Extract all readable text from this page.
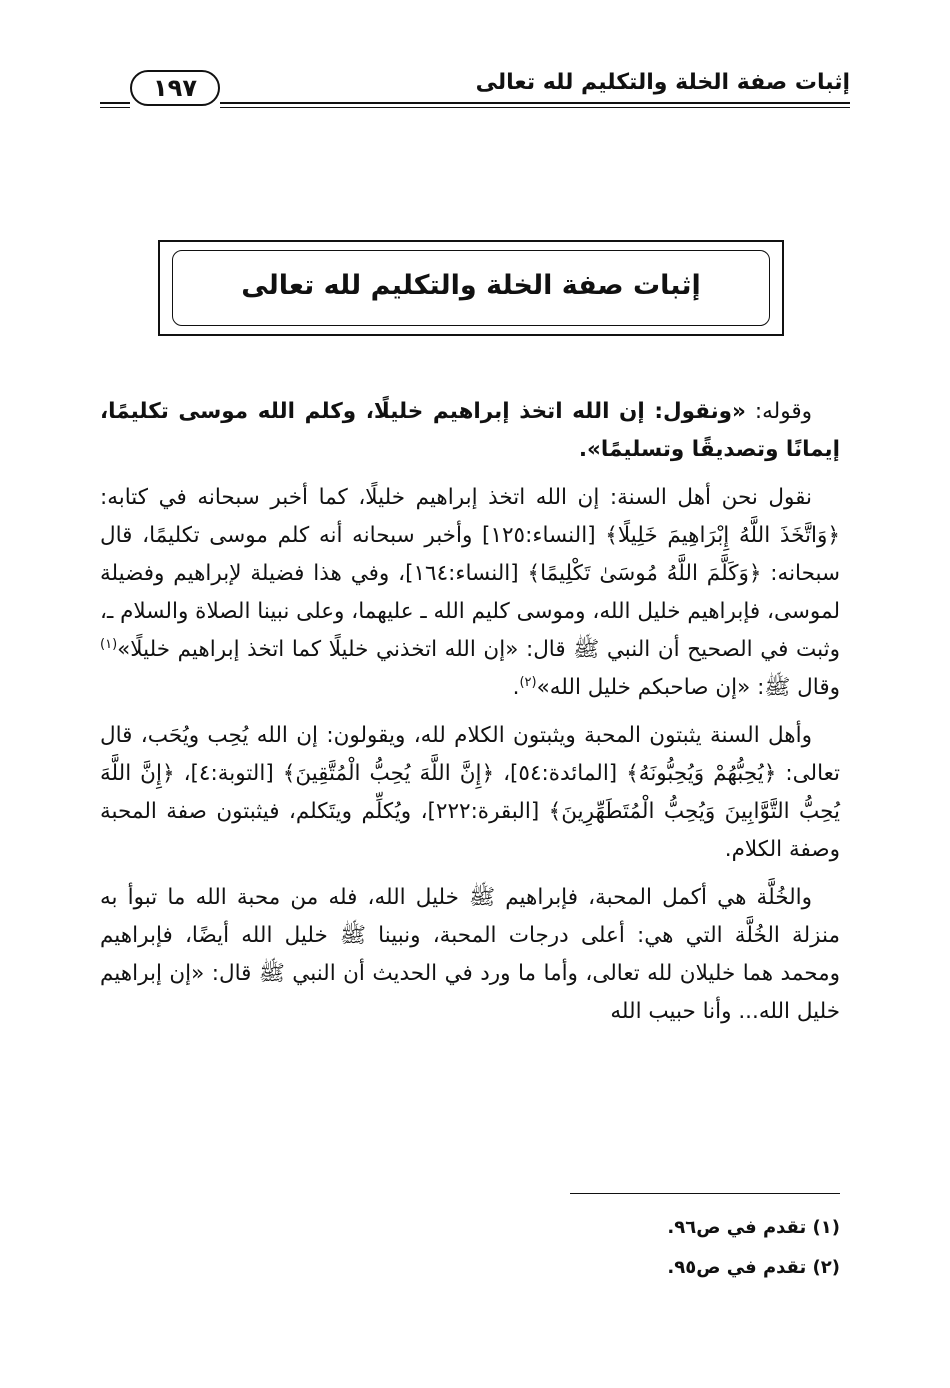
إثبات صفة الخلة والتكليم لله تعالى
١٩٧
إثبات صفة الخلة والتكليم لله تعالى

وقوله: «ونقول: إن الله اتخذ إبراهيم خليلًا، وكلم الله موسى تكليمًا، إيمانًا وتصديقًا وتسليمًا».

نقول نحن أهل السنة: إن الله اتخذ إبراهيم خليلًا، كما أخبر سبحانه في كتابه: ﴿وَاتَّخَذَ اللَّهُ إِبْرَاهِيمَ خَلِيلًا﴾ [النساء:١٢٥] وأخبر سبحانه أنه كلم موسى تكليمًا، قال سبحانه: ﴿وَكَلَّمَ اللَّهُ مُوسَىٰ تَكْلِيمًا﴾ [النساء:١٦٤]، وفي هذا فضيلة لإبراهيم وفضيلة لموسى، فإبراهيم خليل الله، وموسى كليم الله ـ عليهما، وعلى نبينا الصلاة والسلام ـ، وثبت في الصحيح أن النبي ﷺ قال: «إن الله اتخذني خليلًا كما اتخذ إبراهيم خليلًا»$^{(١)}$ وقال ﷺ: «إن صاحبكم خليل الله»$^{(٢)}$.

وأهل السنة يثبتون المحبة ويثبتون الكلام لله، ويقولون: إن الله يُحِب ويُحَب، قال تعالى: ﴿يُحِبُّهُمْ وَيُحِبُّونَهُ﴾ [المائدة:٥٤]، ﴿إِنَّ اللَّهَ يُحِبُّ الْمُتَّقِينَ﴾ [التوبة:٤]، ﴿إِنَّ اللَّهَ يُحِبُّ التَّوَّابِينَ وَيُحِبُّ الْمُتَطَهِّرِينَ﴾ [البقرة:٢٢٢]، ويُكلِّم ويتَكلم، فيثبتون صفة المحبة وصفة الكلام.

والخُلَّة هي أكمل المحبة، فإبراهيم ﷺ خليل الله، فله من محبة الله ما تبوأ به منزلة الخُلَّة التي هي: أعلى درجات المحبة، ونبينا ﷺ خليل الله أيضًا، فإبراهيم ومحمد هما خليلان لله تعالى، وأما ما ورد في الحديث أن النبي ﷺ قال: «إن إبراهيم خليل الله... وأنا حبيب الله

(١) تقدم في ص٩٦.
(٢) تقدم في ص٩٥.
